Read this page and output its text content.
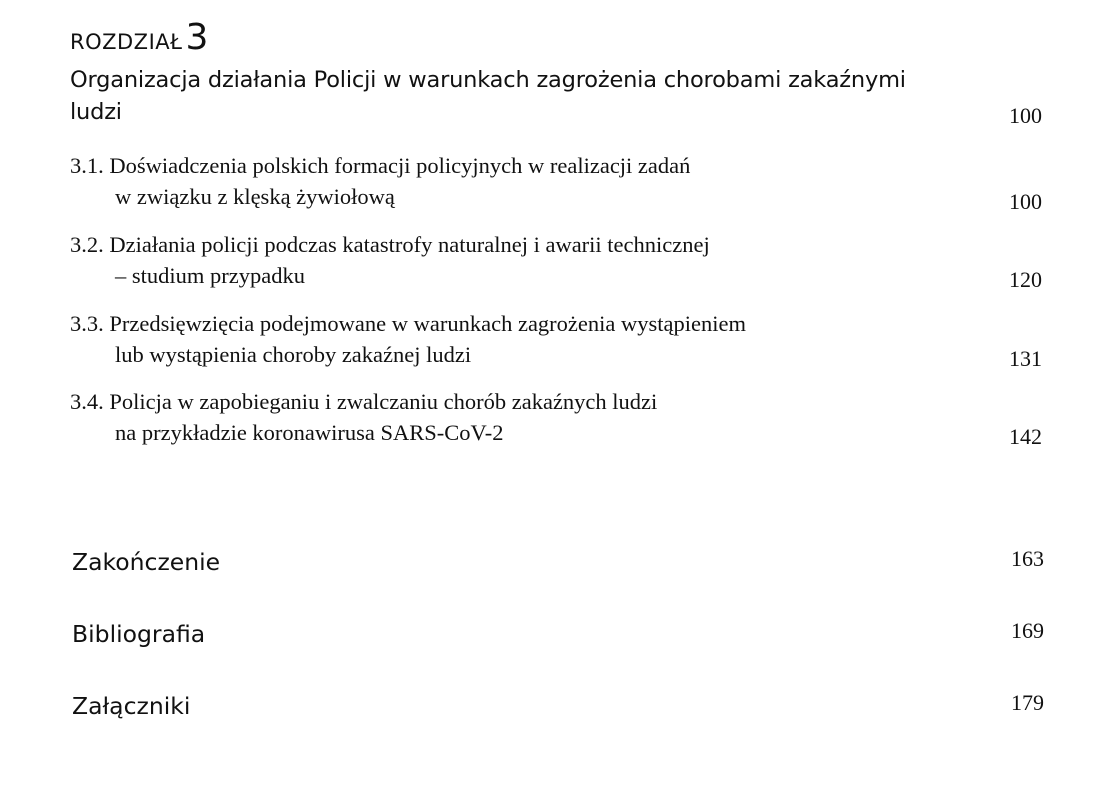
ROZDZIAŁ3
Organizacja działania Policji w warunkach zagrożenia chorobami zakaźnymi ludzi	100
3.1. Doświadczenia polskich formacji policyjnych w realizacji zadań
w związku z klęską żywiołową	100
3.2. Działania policji podczas katastrofy naturalnej i awarii technicznej
– studium przypadku	120
3.3. Przedsięwzięcia podejmowane w warunkach zagrożenia wystąpieniem
lub wystąpienia choroby zakaźnej ludzi	131
3.4. Policja w zapobieganiu i zwalczaniu chorób zakaźnych ludzi
na przykładzie koronawirusa SARS-CoV-2	142
Zakończenie	163
Bibliografia	169
Załączniki	179
